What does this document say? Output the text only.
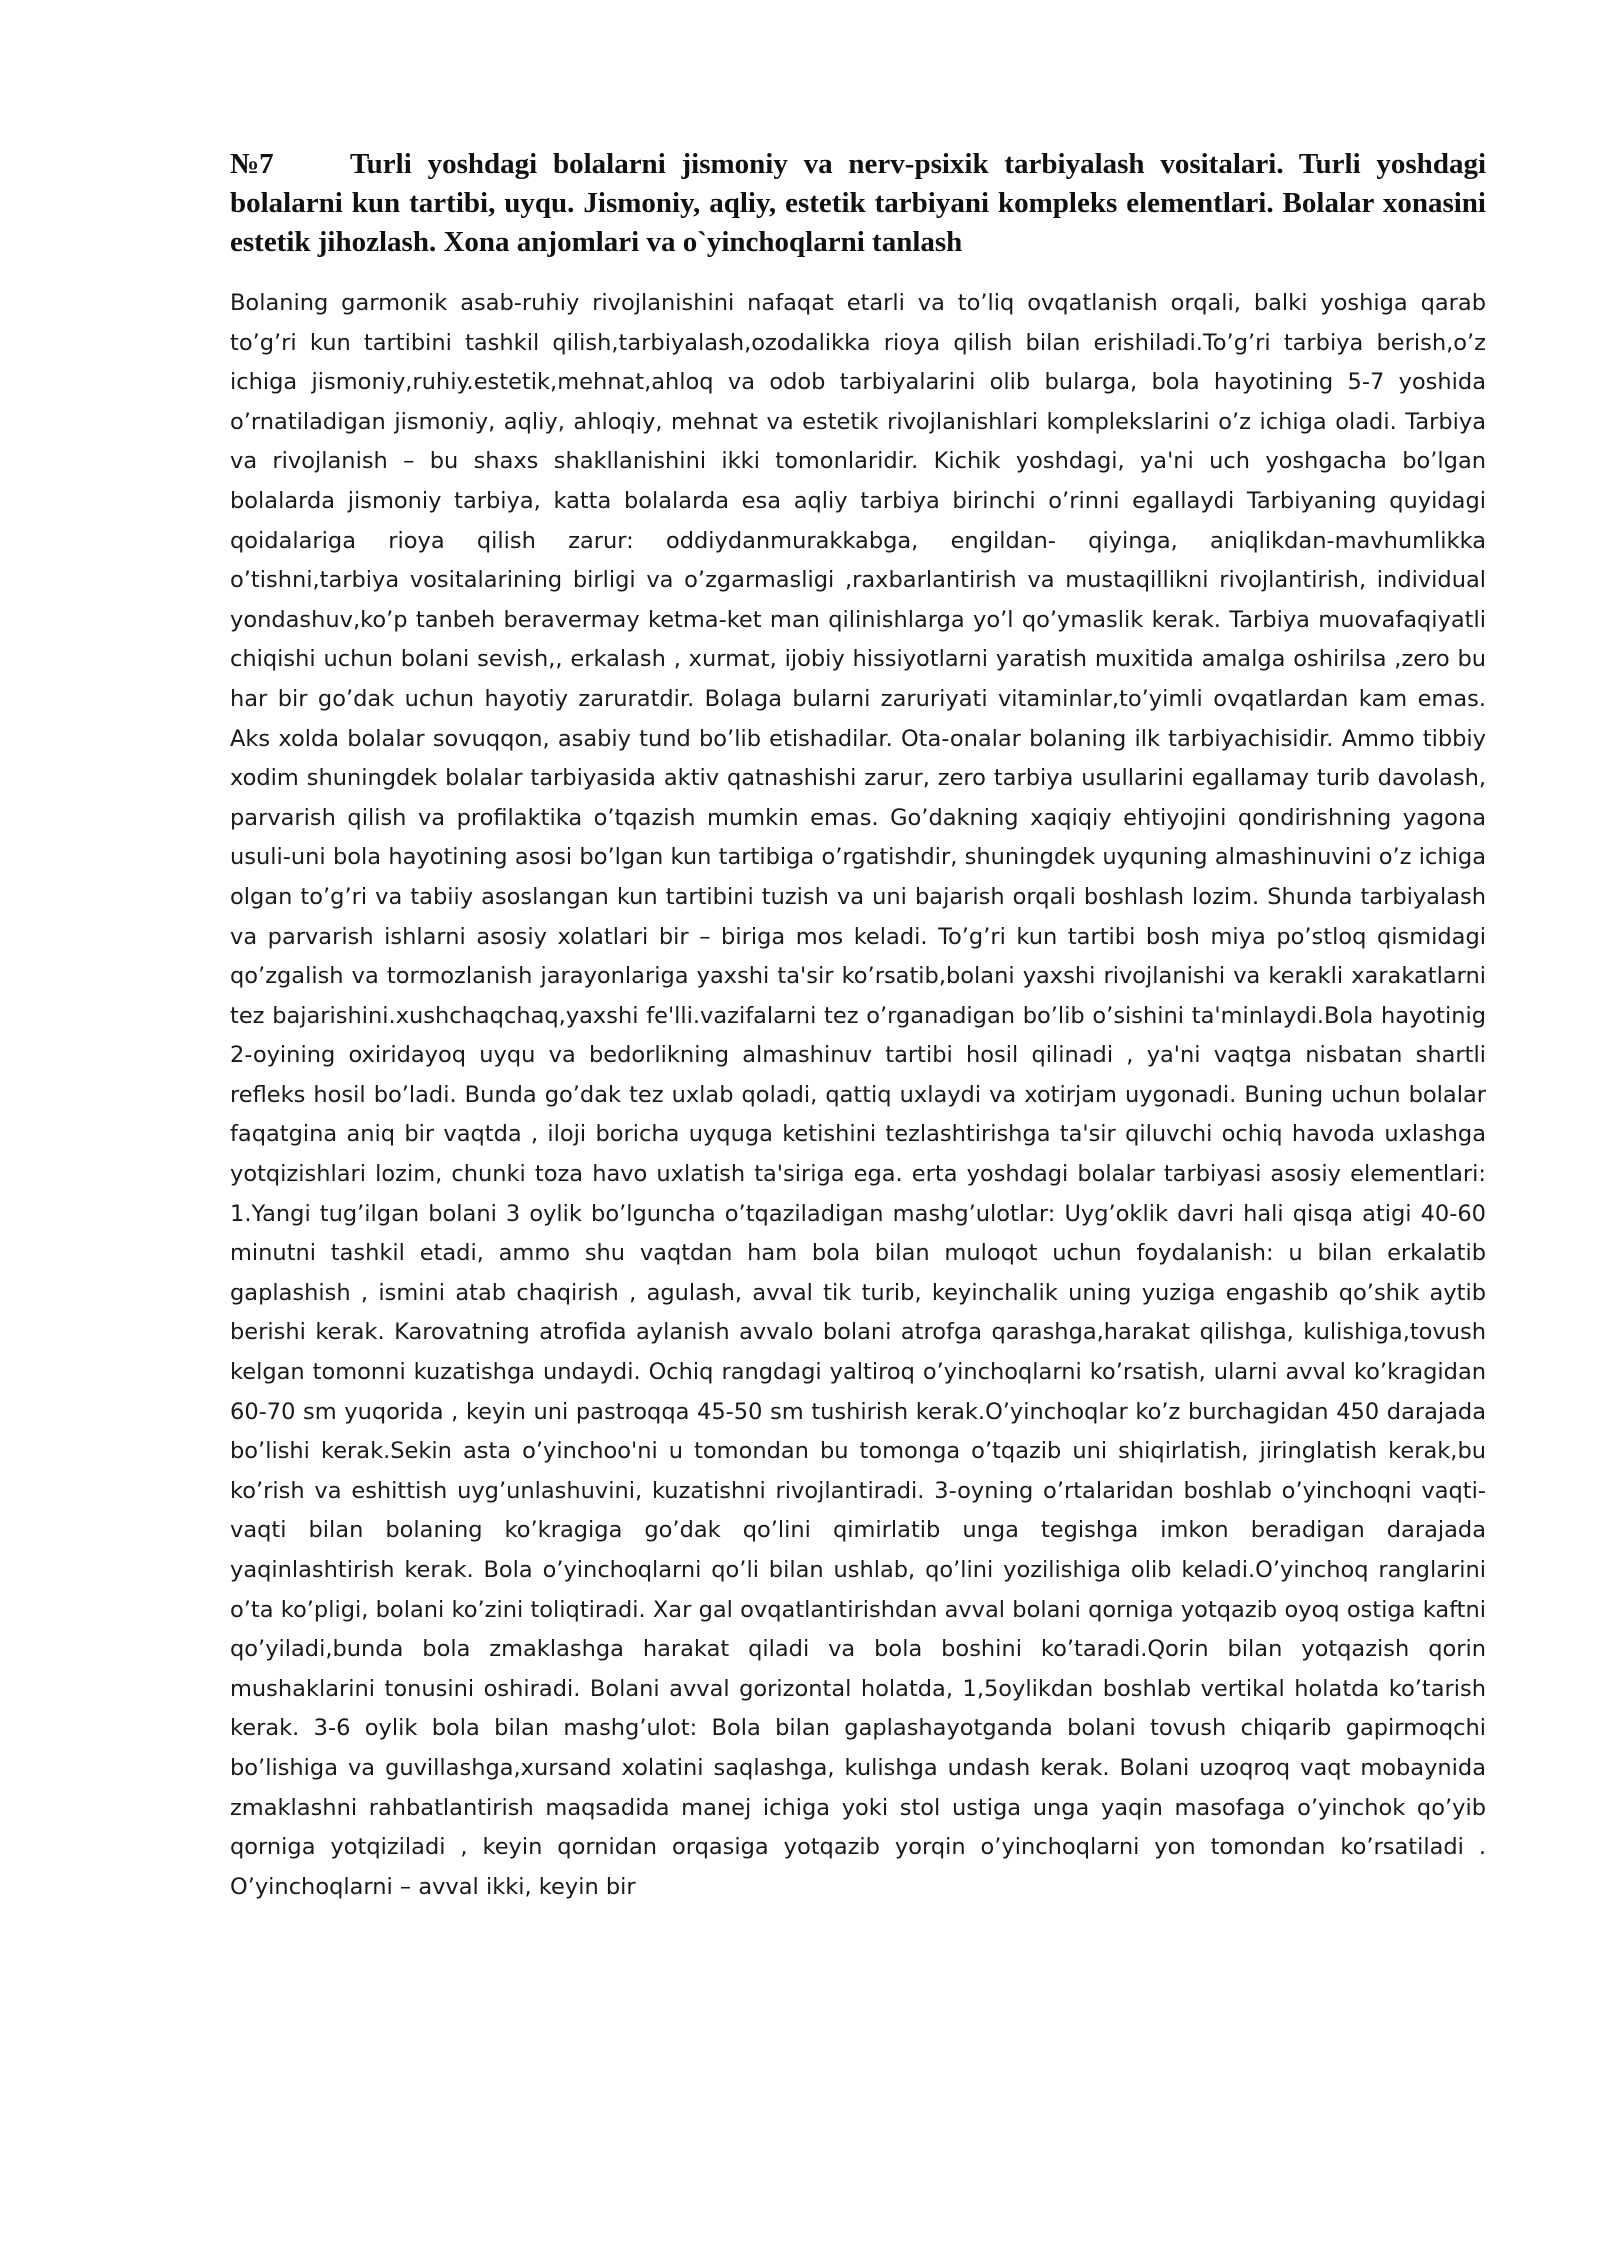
№7	Turli yoshdagi bolalarni jismoniy va nerv-psixik tarbiyalash vositalari. Turli yoshdagi bolalarni kun tartibi, uyqu. Jismoniy, aqliy, estetik tarbiyani kompleks elementlari. Bolalar xonasini estetik jihozlash. Xona anjomlari va o`yinchoqlarni tanlash

Bolaning garmonik asab-ruhiy rivojlanishini nafaqat etarli va to’liq ovqatlanish orqali, balki yoshiga qarab to’g’ri kun tartibini tashkil qilish,tarbiyalash,ozodalikka rioya qilish bilan erishiladi.To’g’ri tarbiya berish,o’z ichiga jismoniy,ruhiy.estetik,mehnat,ahloq va odob tarbiyalarini olib bularga, bola hayotining 5-7 yoshida o’rnatiladigan jismoniy, aqliy, ahloqiy, mehnat va estetik rivojlanishlari komplekslarini o’z ichiga oladi. Tarbiya va rivojlanish – bu shaxs shakllanishini ikki tomonlaridir. Kichik yoshdagi, ya'ni uch yoshgacha bo’lgan bolalarda jismoniy tarbiya, katta bolalarda esa aqliy tarbiya birinchi o’rinni egallaydi Tarbiyaning quyidagi qoidalariga rioya qilish zarur: oddiydanmurakkabga, engildan- qiyinga, aniqlikdan-mavhumlikka o’tishni,tarbiya vositalarining birligi va o’zgarmasligi ,raxbarlantirish va mustaqillikni rivojlantirish, individual yondashuv,ko’p tanbeh beravermay ketma-ket man qilinishlarga yo’l qo’ymaslik kerak. Tarbiya muovafaqiyatli chiqishi uchun bolani sevish,, erkalash , xurmat, ijobiy hissiyotlarni yaratish muxitida amalga oshirilsa ,zero bu har bir go’dak uchun hayotiy zaruratdir. Bolaga bularni zaruriyati vitaminlar,to’yimli ovqatlardan kam emas. Aks xolda bolalar sovuqqon, asabiy tund bo’lib etishadilar. Ota-onalar bolaning ilk tarbiyachisidir. Ammo tibbiy xodim shuningdek bolalar tarbiyasida aktiv qatnashishi zarur, zero tarbiya usullarini egallamay turib davolash, parvarish qilish va profilaktika o’tqazish mumkin emas. Go’dakning xaqiqiy ehtiyojini qondirishning yagona usuli-uni bola hayotining asosi bo’lgan kun tartibiga o’rgatishdir, shuningdek uyquning almashinuvini o’z ichiga olgan to’g’ri va tabiiy asoslangan kun tartibini tuzish va uni bajarish orqali boshlash lozim. Shunda tarbiyalash va parvarish ishlarni asosiy xolatlari bir – biriga mos keladi. To’g’ri kun tartibi bosh miya po’stloq qismidagi qo’zgalish va tormozlanish jarayonlariga yaxshi ta'sir ko’rsatib,bolani yaxshi rivojlanishi va kerakli xarakatlarni tez bajarishini.xushchaqchaq,yaxshi fe'lli.vazifalarni tez o’rganadigan bo’lib o’sishini ta'minlaydi.Bola hayotinig 2-oyining oxiridayoq uyqu va bedorlikning almashinuv tartibi hosil qilinadi , ya'ni vaqtga nisbatan shartli refleks hosil bo’ladi. Bunda go’dak tez uxlab qoladi, qattiq uxlaydi va xotirjam uygonadi. Buning uchun bolalar faqatgina aniq bir vaqtda , iloji boricha uyquga ketishini tezlashtirishga ta'sir qiluvchi ochiq havoda uxlashga yotqizishlari lozim, chunki toza havo uxlatish ta'siriga ega. erta yoshdagi bolalar tarbiyasi asosiy elementlari: 1.Yangi tug’ilgan bolani 3 oylik bo’lguncha o’tqaziladigan mashg’ulotlar: Uyg’oklik davri hali qisqa atigi 40-60 minutni tashkil etadi, ammo shu vaqtdan ham bola bilan muloqot uchun foydalanish: u bilan erkalatib gaplashish , ismini atab chaqirish , agulash, avval tik turib, keyinchalik uning yuziga engashib qo’shik aytib berishi kerak. Karovatning atrofida aylanish avvalo bolani atrofga qarashga,harakat qilishga, kulishiga,tovush kelgan tomonni kuzatishga undaydi. Ochiq rangdagi yaltiroq o’yinchoqlarni ko’rsatish, ularni avval ko’kragidan 60-70 sm yuqorida , keyin uni pastroqqa 45-50 sm tushirish kerak.O’yinchoqlar ko’z burchagidan 450 darajada bo’lishi kerak.Sekin asta o’yinchoo'ni u tomondan bu tomonga o’tqazib uni shiqirlatish, jiringlatish kerak,bu ko’rish va eshittish uyg’unlashuvini, kuzatishni rivojlantiradi. 3-oyning o’rtalaridan boshlab o’yinchoqni vaqti-vaqti bilan bolaning ko’kragiga go’dak qo’lini qimirlatib unga tegishga imkon beradigan darajada yaqinlashtirish kerak. Bola o’yinchoqlarni qo’li bilan ushlab, qo’lini yozilishiga olib keladi.O’yinchoq ranglarini o’ta ko’pligi, bolani ko’zini toliqtiradi. Xar gal ovqatlantirishdan avval bolani qorniga yotqazib oyoq ostiga kaftni qo’yiladi,bunda bola zmaklashga harakat qiladi va bola boshini ko’taradi.Qorin bilan yotqazish qorin mushaklarini tonusini oshiradi. Bolani avval gorizontal holatda, 1,5oylikdan boshlab vertikal holatda ko’tarish kerak. 3-6 oylik bola bilan mashg’ulot: Bola bilan gaplashayotganda bolani tovush chiqarib gapirmoqchi bo’lishiga va guvillashga,xursand xolatini saqlashga, kulishga undash kerak. Bolani uzoqroq vaqt mobaynida zmaklashni rahbatlantirish maqsadida manej ichiga yoki stol ustiga unga yaqin masofaga o’yinchok qo’yib qorniga yotqiziladi , keyin qornidan orqasiga yotqazib yorqin o’yinchoqlarni yon tomondan ko’rsatiladi . O’yinchoqlarni – avval ikki, keyin bir
